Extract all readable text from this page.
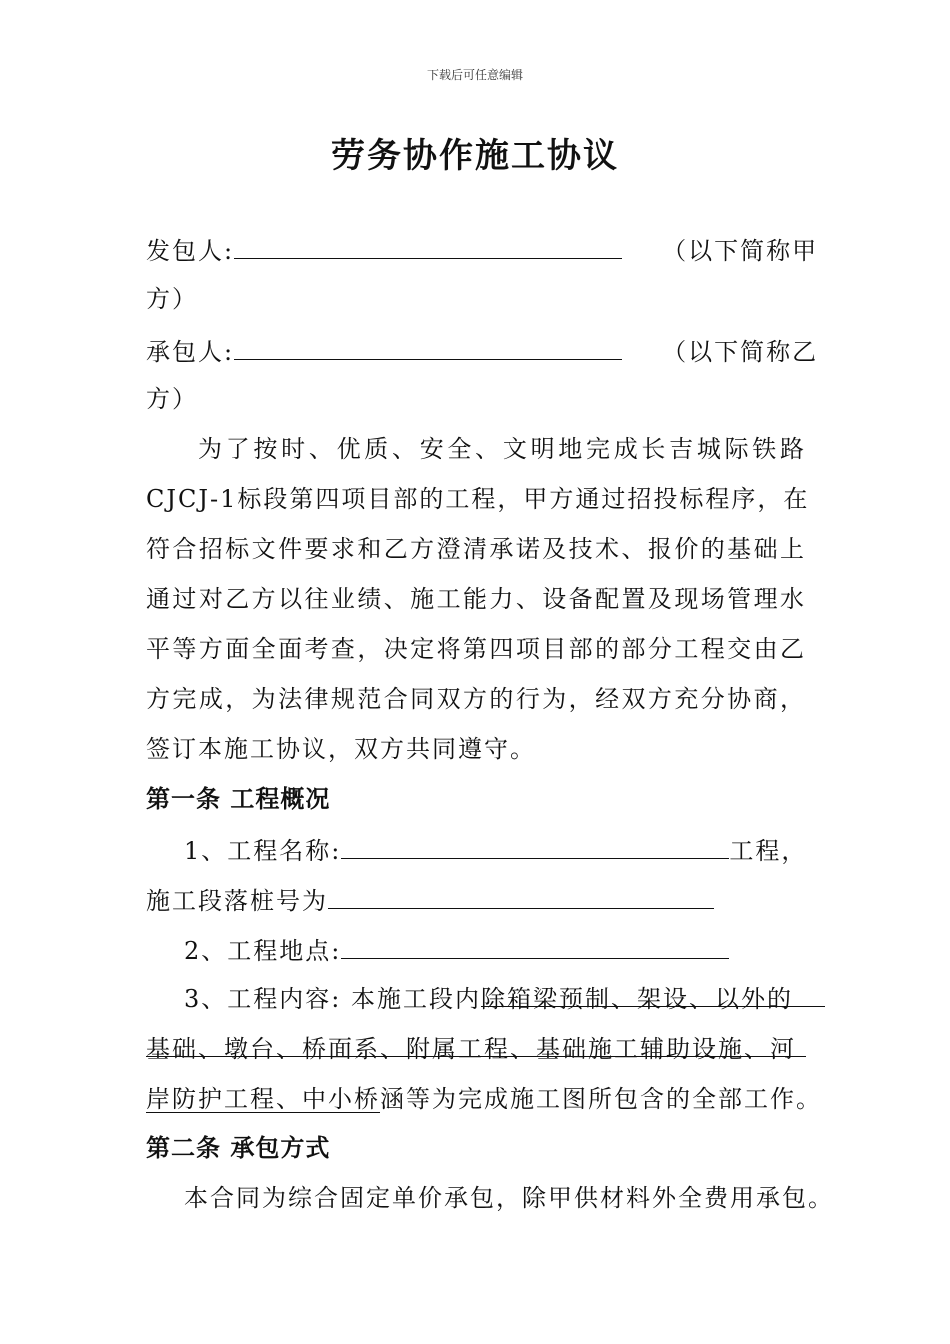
下载后可任意编辑
劳务协作施工协议
发包人:	（以下简称甲
方）
承包人:	（以下简称乙
方）
为了按时、优质、安全、文明地完成长吉城际铁路
CJCJ-1标段第四项目部的工程，甲方通过招投标程序，在
符合招标文件要求和乙方澄清承诺及技术、报价的基础上
通过对乙方以往业绩、施工能力、设备配置及现场管理水
平等方面全面考查，决定将第四项目部的部分工程交由乙
方完成，为法律规范合同双方的行为，经双方充分协商，
签订本施工协议，双方共同遵守。
第一条 工程概况
1、工程名称:	工程，
施工段落桩号为
2、工程地点:
3、工程内容: 本施工段内除箱梁预制、架设、以外的
基础、墩台、桥面系、附属工程、基础施工辅助设施、河
岸防护工程、中小桥涵等为完成施工图所包含的全部工作。
第二条 承包方式
本合同为综合固定单价承包，除甲供材料外全费用承包。
